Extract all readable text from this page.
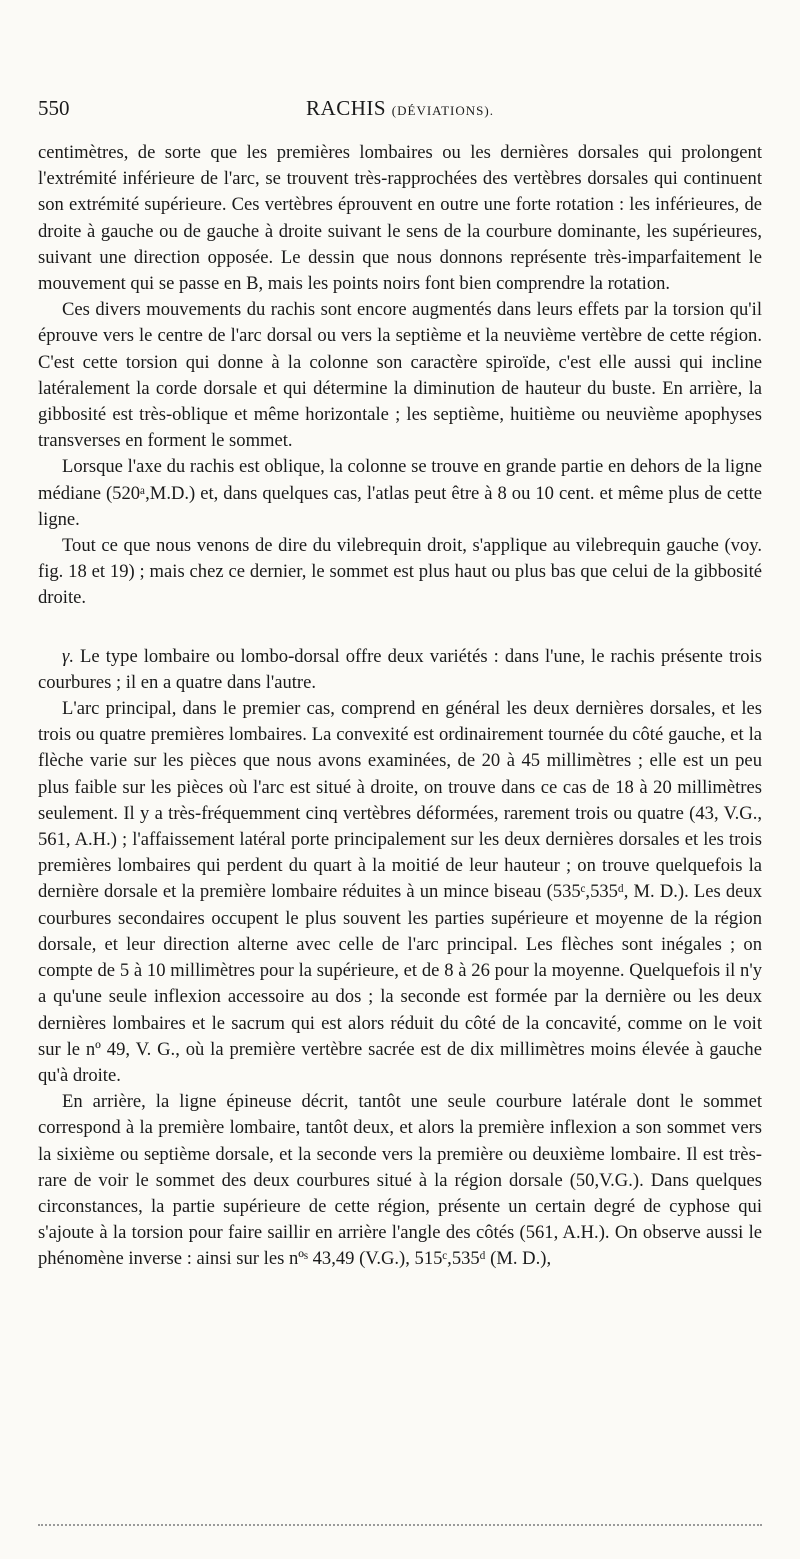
550	RACHIS (DÉVIATIONS).

centimètres, de sorte que les premières lombaires ou les dernières dorsales qui prolongent l'extrémité inférieure de l'arc, se trouvent très-rapprochées des vertèbres dorsales qui continuent son extrémité supérieure. Ces vertèbres éprouvent en outre une forte rotation : les inférieures, de droite à gauche ou de gauche à droite suivant le sens de la courbure dominante, les supérieures, suivant une direction opposée. Le dessin que nous donnons représente très-imparfaitement le mouvement qui se passe en B, mais les points noirs font bien comprendre la rotation.

Ces divers mouvements du rachis sont encore augmentés dans leurs effets par la torsion qu'il éprouve vers le centre de l'arc dorsal ou vers la septième et la neuvième vertèbre de cette région. C'est cette torsion qui donne à la colonne son caractère spiroïde, c'est elle aussi qui incline latéralement la corde dorsale et qui détermine la diminution de hauteur du buste. En arrière, la gibbosité est très-oblique et même horizontale ; les septième, huitième ou neuvième apophyses transverses en forment le sommet.

Lorsque l'axe du rachis est oblique, la colonne se trouve en grande partie en dehors de la ligne médiane (520ᵃ,M.D.) et, dans quelques cas, l'atlas peut être à 8 ou 10 cent. et même plus de cette ligne.

Tout ce que nous venons de dire du vilebrequin droit, s'applique au vilebrequin gauche (voy. fig. 18 et 19) ; mais chez ce dernier, le sommet est plus haut ou plus bas que celui de la gibbosité droite.

γ. Le type lombaire ou lombo-dorsal offre deux variétés : dans l'une, le rachis présente trois courbures ; il en a quatre dans l'autre.

L'arc principal, dans le premier cas, comprend en général les deux dernières dorsales, et les trois ou quatre premières lombaires. La convexité est ordinairement tournée du côté gauche, et la flèche varie sur les pièces que nous avons examinées, de 20 à 45 millimètres ; elle est un peu plus faible sur les pièces où l'arc est situé à droite, on trouve dans ce cas de 18 à 20 millimètres seulement. Il y a très-fréquemment cinq vertèbres déformées, rarement trois ou quatre (43, V.G., 561, A.H.) ; l'affaissement latéral porte principalement sur les deux dernières dorsales et les trois premières lombaires qui perdent du quart à la moitié de leur hauteur ; on trouve quelquefois la dernière dorsale et la première lombaire réduites à un mince biseau (535ᶜ,535ᵈ, M. D.). Les deux courbures secondaires occupent le plus souvent les parties supérieure et moyenne de la région dorsale, et leur direction alterne avec celle de l'arc principal. Les flèches sont inégales ; on compte de 5 à 10 millimètres pour la supérieure, et de 8 à 26 pour la moyenne. Quelquefois il n'y a qu'une seule inflexion accessoire au dos ; la seconde est formée par la dernière ou les deux dernières lombaires et le sacrum qui est alors réduit du côté de la concavité, comme on le voit sur le nº 49, V. G., où la première vertèbre sacrée est de dix millimètres moins élevée à gauche qu'à droite.

En arrière, la ligne épineuse décrit, tantôt une seule courbure latérale dont le sommet correspond à la première lombaire, tantôt deux, et alors la première inflexion a son sommet vers la sixième ou septième dorsale, et la seconde vers la première ou deuxième lombaire. Il est très-rare de voir le sommet des deux courbures situé à la région dorsale (50,V.G.). Dans quelques circonstances, la partie supérieure de cette région, présente un certain degré de cyphose qui s'ajoute à la torsion pour faire saillir en arrière l'angle des côtés (561, A.H.). On observe aussi le phénomène inverse : ainsi sur les nºˢ 43,49 (V.G.), 515ᶜ,535ᵈ (M. D.),
